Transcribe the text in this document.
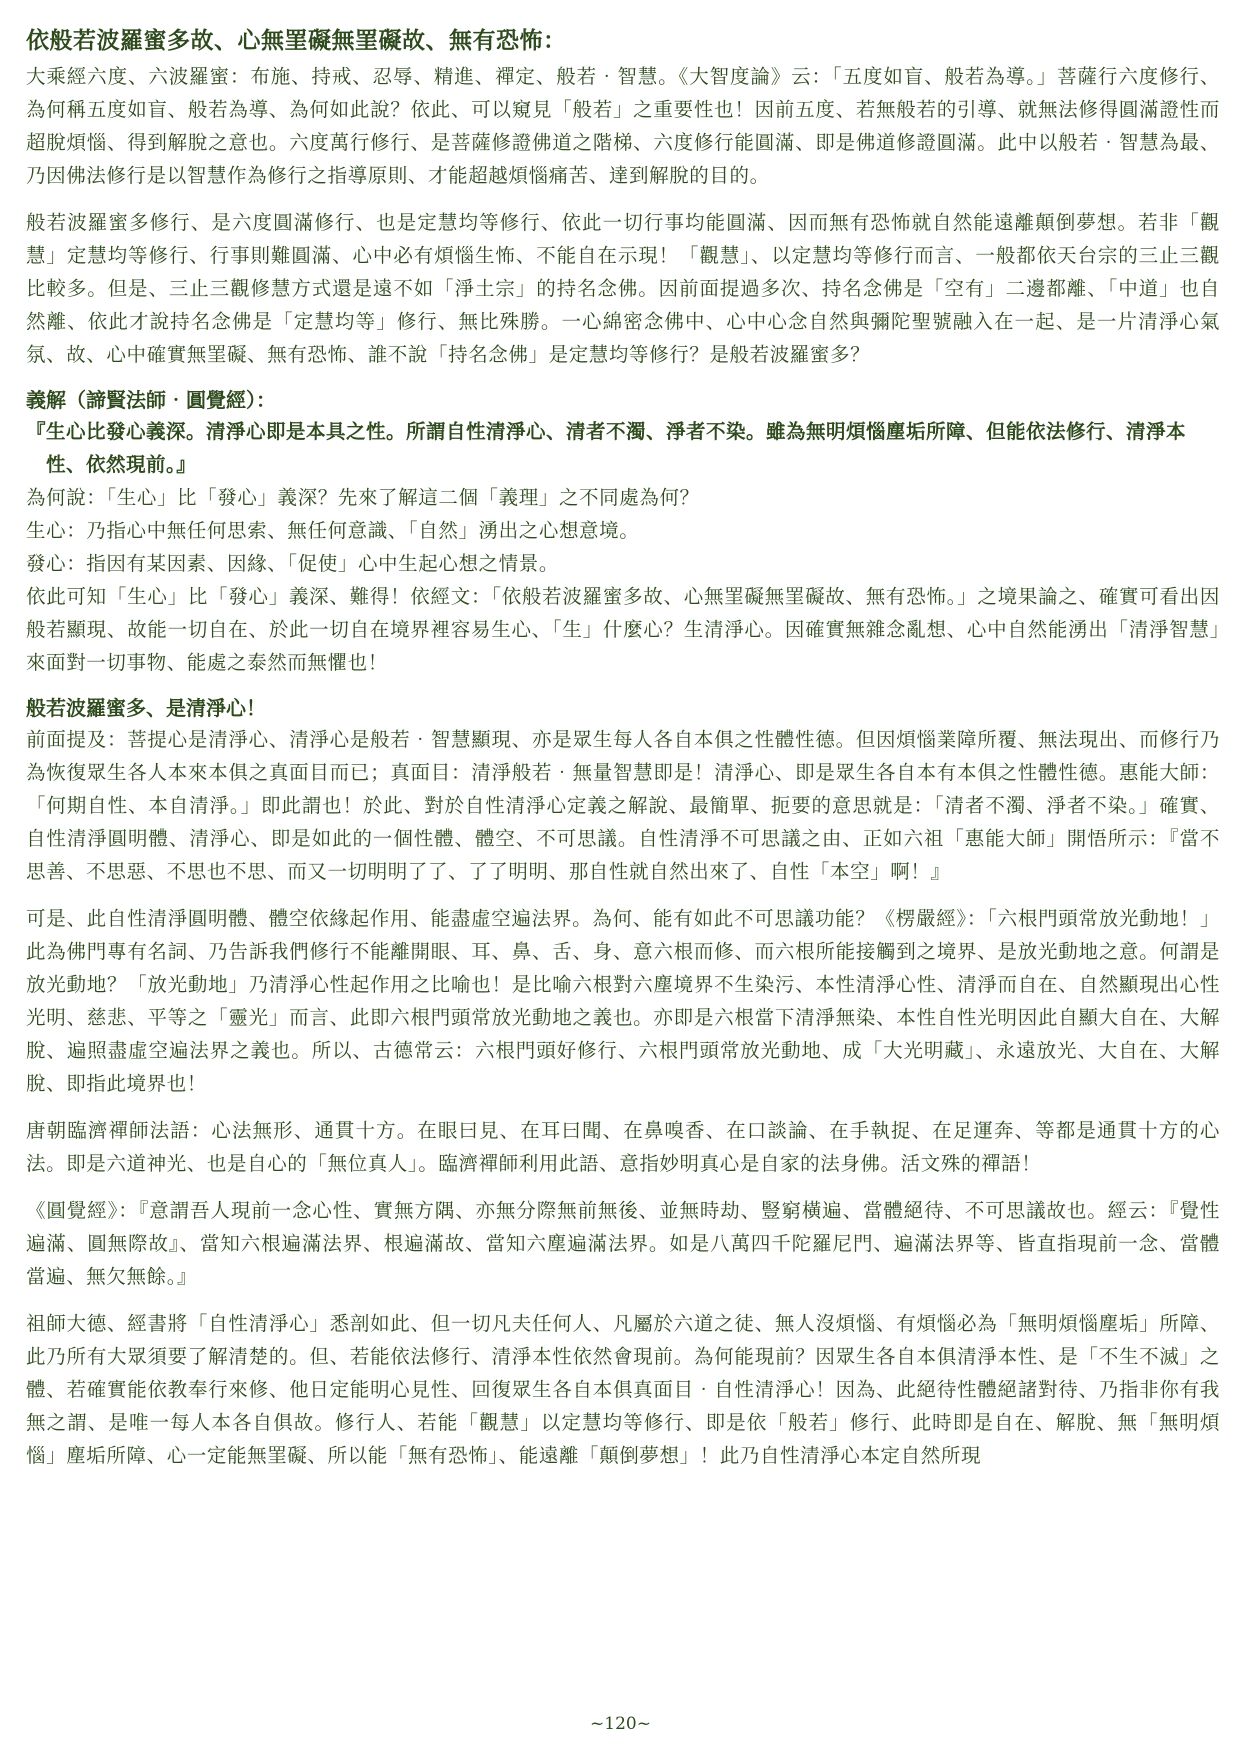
依般若波羅蜜多故、心無罣礙無罣礙故、無有恐怖：

大乘經六度、六波羅蜜：布施、持戒、忍辱、精進、禪定、般若‧智慧。《大智度論》云：「五度如盲、般若為導。」菩薩行六度修行、為何稱五度如盲、般若為導、為何如此說？依此、可以窺見「般若」之重要性也！因前五度、若無般若的引導、就無法修得圓滿證性而超脫煩惱、得到解脫之意也。六度萬行修行、是菩薩修證佛道之階梯、六度修行能圓滿、即是佛道修證圓滿。此中以般若‧智慧為最、乃因佛法修行是以智慧作為修行之指導原則、才能超越煩惱痛苦、達到解脫的目的。

般若波羅蜜多修行、是六度圓滿修行、也是定慧均等修行、依此一切行事均能圓滿、因而無有恐怖就自然能遠離顛倒夢想。若非「觀慧」定慧均等修行、行事則難圓滿、心中必有煩惱生怖、不能自在示現！「觀慧」、以定慧均等修行而言、一般都依天台宗的三止三觀比較多。但是、三止三觀修慧方式還是遠不如「淨土宗」的持名念佛。因前面提過多次、持名念佛是「空有」二邊都離、「中道」也自然離、依此才說持名念佛是「定慧均等」修行、無比殊勝。一心綿密念佛中、心中心念自然與彌陀聖號融入在一起、是一片清淨心氣氛、故、心中確實無罣礙、無有恐怖、誰不說「持名念佛」是定慧均等修行？是般若波羅蜜多？

義解（諦賢法師‧圓覺經）：

『生心比發心義深。清淨心即是本具之性。所謂自性清淨心、清者不濁、淨者不染。雖為無明煩惱塵垢所障、但能依法修行、清淨本性、依然現前。』

為何說：「生心」比「發心」義深？先來了解這二個「義理」之不同處為何？

生心：乃指心中無任何思索、無任何意識、「自然」湧出之心想意境。

發心：指因有某因素、因緣、「促使」心中生起心想之情景。

依此可知「生心」比「發心」義深、難得！依經文：「依般若波羅蜜多故、心無罣礙無罣礙故、無有恐怖。」之境果論之、確實可看出因般若顯現、故能一切自在、於此一切自在境界裡容易生心、「生」什麼心？生清淨心。因確實無雜念亂想、心中自然能湧出「清淨智慧」來面對一切事物、能處之泰然而無懼也！

般若波羅蜜多、是清淨心！

前面提及：菩提心是清淨心、清淨心是般若‧智慧顯現、亦是眾生每人各自本俱之性體性德。但因煩惱業障所覆、無法現出、而修行乃為恢復眾生各人本來本俱之真面目而已；真面目：清淨般若‧無量智慧即是！清淨心、即是眾生各自本有本俱之性體性德。惠能大師：「何期自性、本自清淨。」即此謂也！於此、對於自性清淨心定義之解說、最簡單、扼要的意思就是：「清者不濁、淨者不染。」確實、自性清淨圓明體、清淨心、即是如此的一個性體、體空、不可思議。自性清淨不可思議之由、正如六祖「惠能大師」開悟所示：『當不思善、不思惡、不思也不思、而又一切明明了了、了了明明、那自性就自然出來了、自性「本空」啊！』

可是、此自性清淨圓明體、體空依緣起作用、能盡虛空遍法界。為何、能有如此不可思議功能？《楞嚴經》：「六根門頭常放光動地！」此為佛門專有名詞、乃告訴我們修行不能離開眼、耳、鼻、舌、身、意六根而修、而六根所能接觸到之境界、是放光動地之意。何謂是放光動地？「放光動地」乃清淨心性起作用之比喻也！是比喻六根對六塵境界不生染污、本性清淨心性、清淨而自在、自然顯現出心性光明、慈悲、平等之「靈光」而言、此即六根門頭常放光動地之義也。亦即是六根當下清淨無染、本性自性光明因此自顯大自在、大解脫、遍照盡虛空遍法界之義也。所以、古德常云：六根門頭好修行、六根門頭常放光動地、成「大光明藏」、永遠放光、大自在、大解脫、即指此境界也！

唐朝臨濟禪師法語：心法無形、通貫十方。在眼曰見、在耳曰聞、在鼻嗅香、在口談論、在手執捉、在足運奔、等都是通貫十方的心法。即是六道神光、也是自心的「無位真人」。臨濟禪師利用此語、意指妙明真心是自家的法身佛。活文殊的禪語！

《圓覺經》：『意謂吾人現前一念心性、實無方隅、亦無分際無前無後、並無時劫、豎窮橫遍、當體絕待、不可思議故也。經云：『覺性遍滿、圓無際故』、當知六根遍滿法界、根遍滿故、當知六塵遍滿法界。如是八萬四千陀羅尼門、遍滿法界等、皆直指現前一念、當體當遍、無欠無餘。』

祖師大德、經書將「自性清淨心」悉剖如此、但一切凡夫任何人、凡屬於六道之徒、無人沒煩惱、有煩惱必為「無明煩惱塵垢」所障、此乃所有大眾須要了解清楚的。但、若能依法修行、清淨本性依然會現前。為何能現前？因眾生各自本俱清淨本性、是「不生不滅」之體、若確實能依教奉行來修、他日定能明心見性、回復眾生各自本俱真面目‧自性清淨心！因為、此絕待性體絕諸對待、乃指非你有我無之謂、是唯一每人本各自俱故。修行人、若能「觀慧」以定慧均等修行、即是依「般若」修行、此時即是自在、解脫、無「無明煩惱」塵垢所障、心一定能無罣礙、所以能「無有恐怖」、能遠離「顛倒夢想」！此乃自性清淨心本定自然所現

~120~
